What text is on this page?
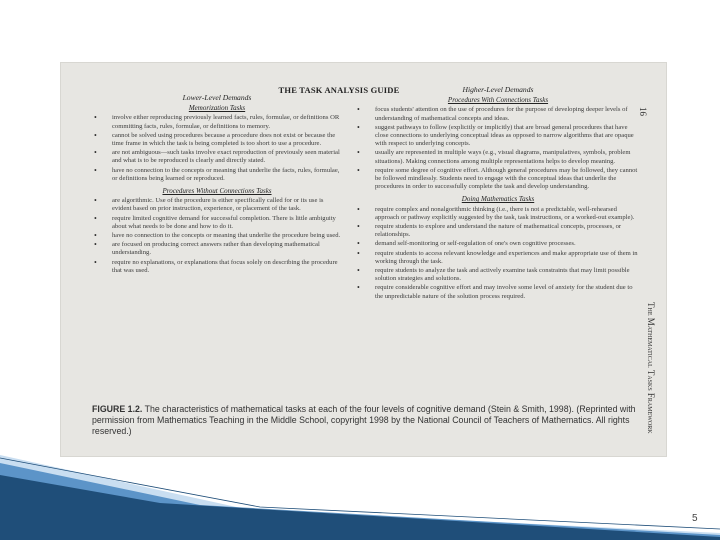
THE TASK ANALYSIS GUIDE
16
The Mathematical Tasks Framework
Lower-Level Demands
Memorization Tasks
• involve either reproducing previously learned facts, rules, formulae, or definitions OR committing facts, rules, formulae, or definitions to memory.
• cannot be solved using procedures because a procedure does not exist or because the time frame in which the task is being completed is too short to use a procedure.
• are not ambiguous—such tasks involve exact reproduction of previously seen material and what is to be reproduced is clearly and directly stated.
• have no connection to the concepts or meaning that underlie the facts, rules, formulae, or definitions being learned or reproduced.
Procedures Without Connections Tasks
• are algorithmic. Use of the procedure is either specifically called for or its use is evident based on prior instruction, experience, or placement of the task.
• require limited cognitive demand for successful completion. There is little ambiguity about what needs to be done and how to do it.
• have no connection to the concepts or meaning that underlie the procedure being used.
• are focused on producing correct answers rather than developing mathematical understanding.
• require no explanations, or explanations that focus solely on describing the procedure that was used.
Higher-Level Demands
Procedures With Connections Tasks
• focus students' attention on the use of procedures for the purpose of developing deeper levels of understanding of mathematical concepts and ideas.
• suggest pathways to follow (explicitly or implicitly) that are broad general procedures that have close connections to underlying conceptual ideas as opposed to narrow algorithms that are opaque with respect to underlying concepts.
• usually are represented in multiple ways (e.g., visual diagrams, manipulatives, symbols, problem situations). Making connections among multiple representations helps to develop meaning.
• require some degree of cognitive effort. Although general procedures may be followed, they cannot be followed mindlessly. Students need to engage with the conceptual ideas that underlie the procedures in order to successfully complete the task and develop understanding.
Doing Mathematics Tasks
• require complex and nonalgorithmic thinking (i.e., there is not a predictable, well-rehearsed approach or pathway explicitly suggested by the task, task instructions, or a worked-out example).
• require students to explore and understand the nature of mathematical concepts, processes, or relationships.
• demand self-monitoring or self-regulation of one's own cognitive processes.
• require students to access relevant knowledge and experiences and make appropriate use of them in working through the task.
• require students to analyze the task and actively examine task constraints that may limit possible solution strategies and solutions.
• require considerable cognitive effort and may involve some level of anxiety for the student due to the unpredictable nature of the solution process required.
FIGURE 1.2. The characteristics of mathematical tasks at each of the four levels of cognitive demand (Stein & Smith, 1998). (Reprinted with permission from Mathematics Teaching in the Middle School, copyright 1998 by the National Council of Teachers of Mathematics. All rights reserved.)
5
